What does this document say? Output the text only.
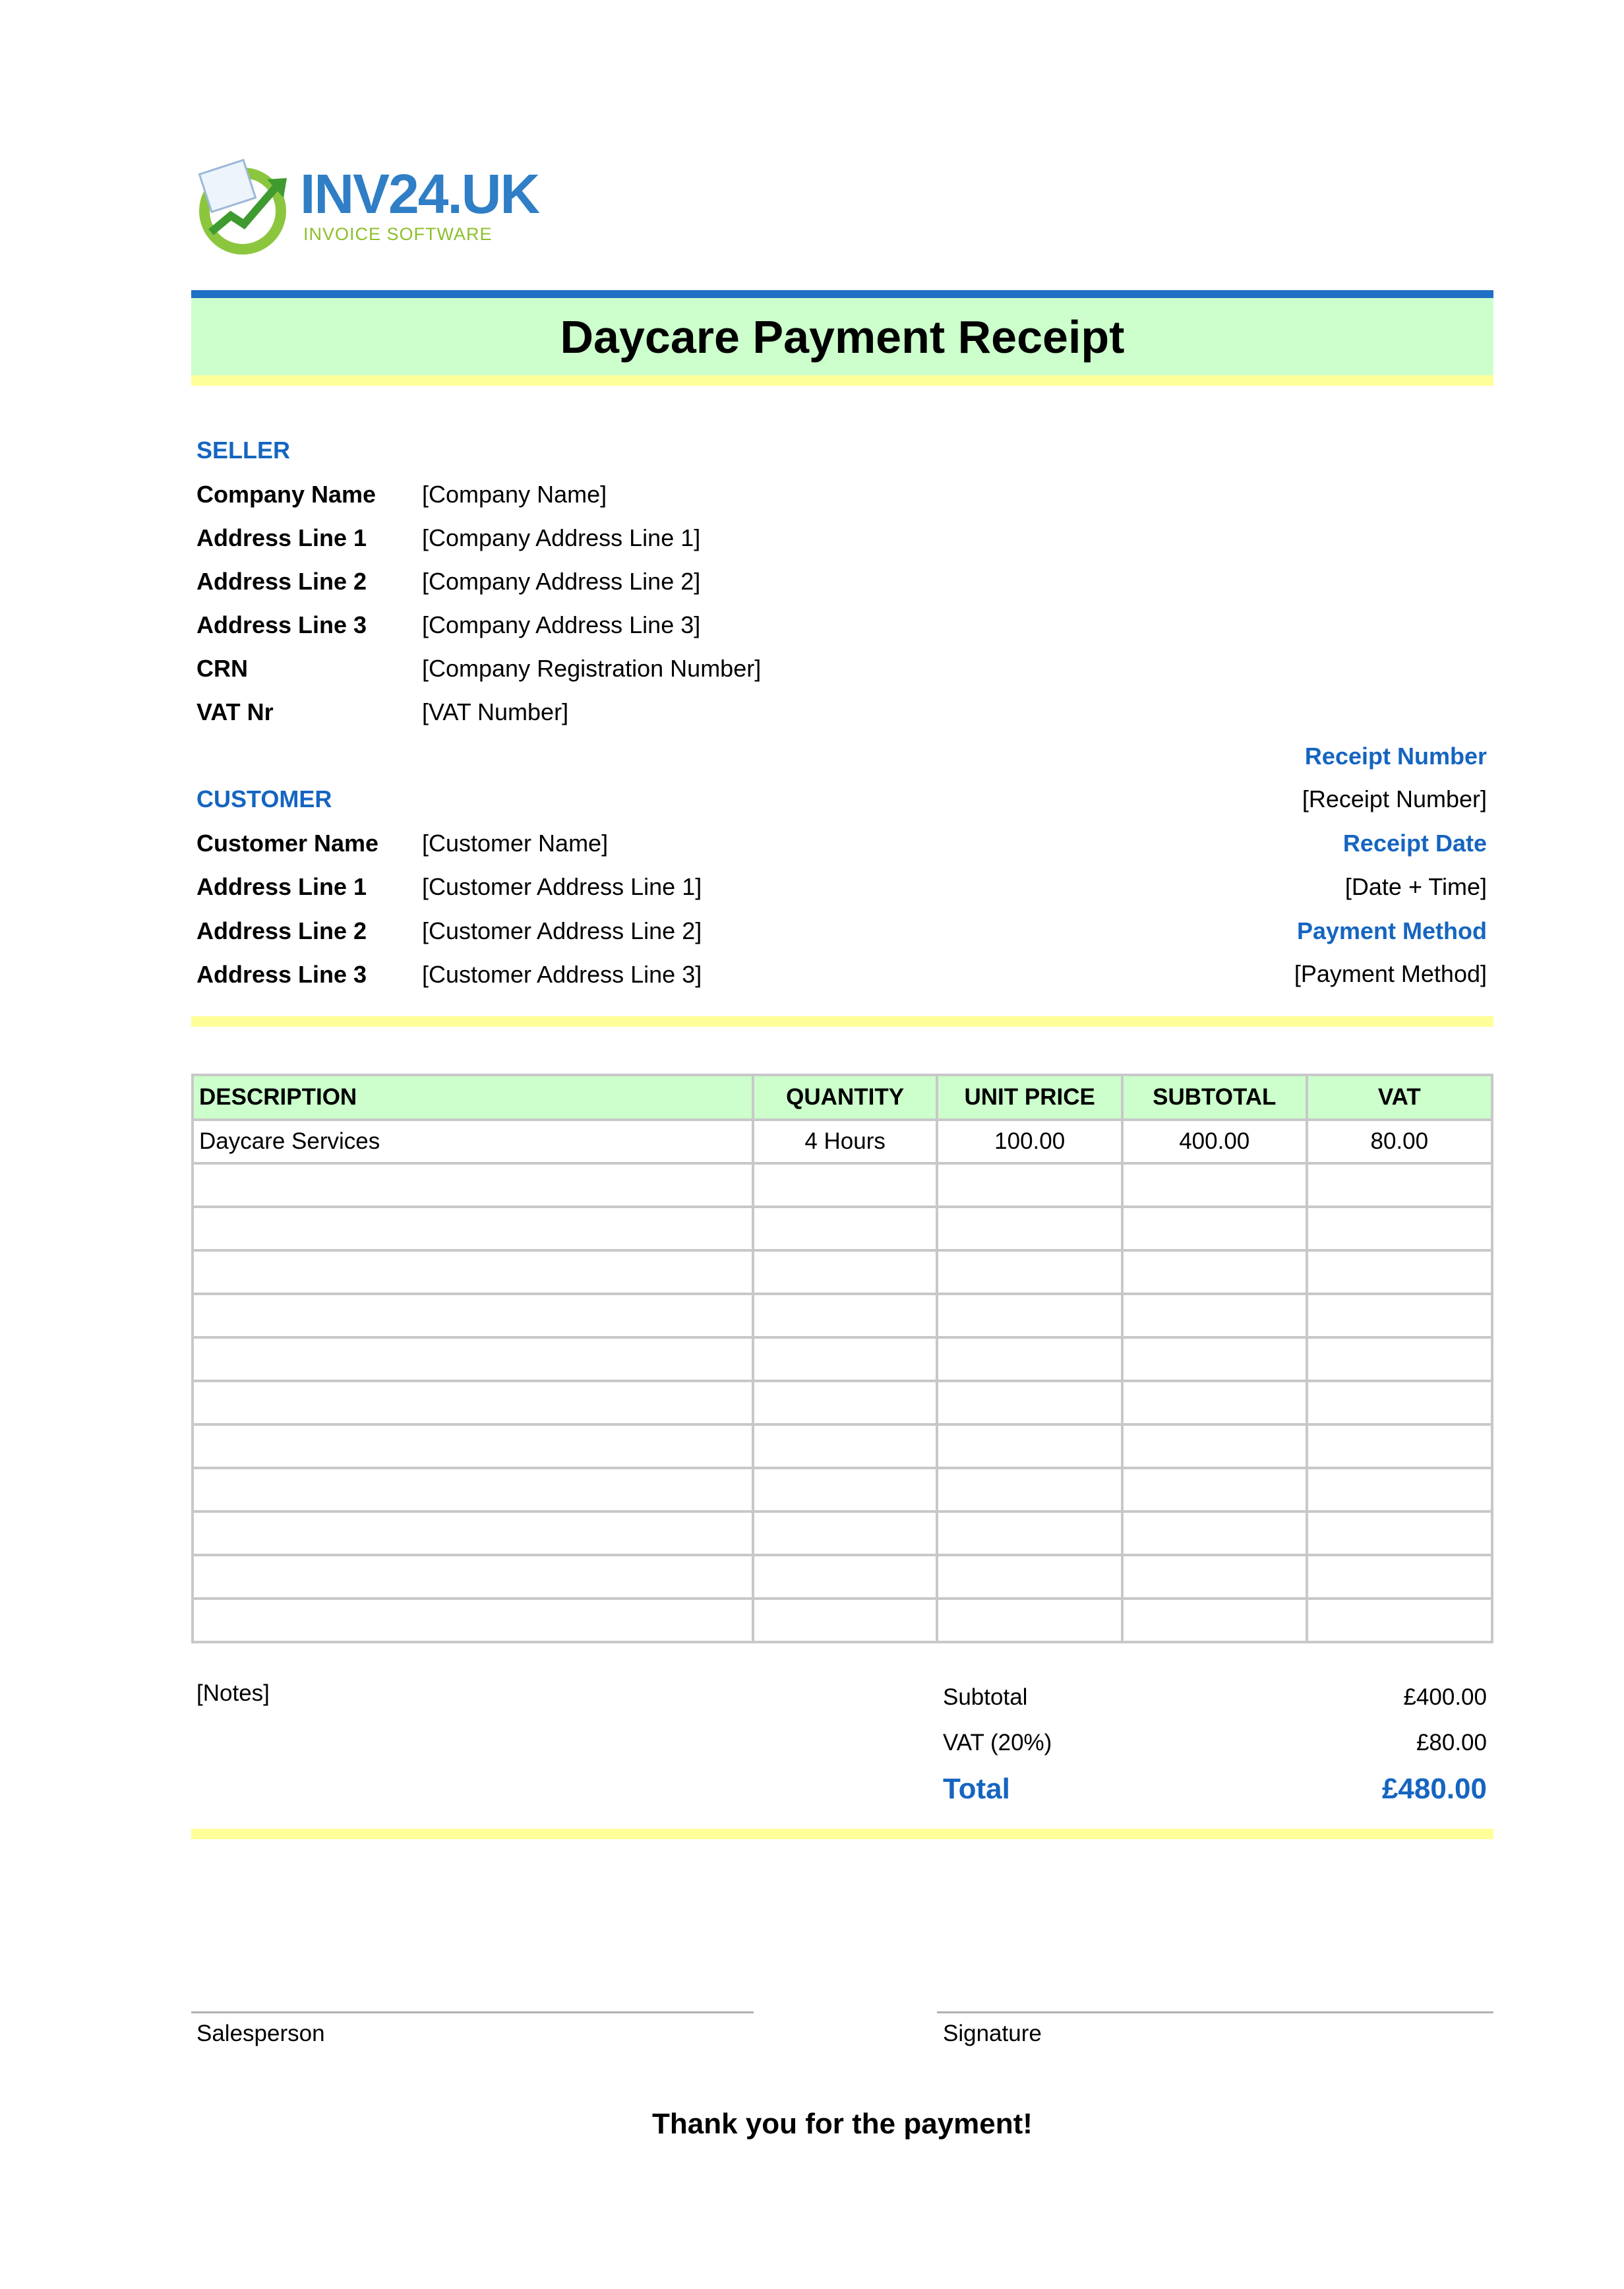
INV24.UK
INVOICE SOFTWARE
Daycare Payment Receipt
SELLER
Company Name [Company Name]
Address Line 1 [Company Address Line 1]
Address Line 2 [Company Address Line 2]
Address Line 3 [Company Address Line 3]
CRN	[Company Registration Number]
VAT Nr	[VAT Number]
Receipt Number
[Receipt Number]
Receipt Date
[Date + Time]
Payment Method
[Payment Method]
CUSTOMER
Customer Name [Customer Name]
Address Line 1 [Customer Address Line 1]
Address Line 2 [Customer Address Line 2]
Address Line 3 [Customer Address Line 3]
DESCRIPTION	QUANTITY	UNIT PRICE	SUBTOTAL	VAT
Daycare Services	4 Hours	100.00	400.00	80.00

[Notes]	Subtotal	£400.00
VAT (20%)	£80.00
Total	£480.00
Salesperson	Signature
Thank you for the payment!
